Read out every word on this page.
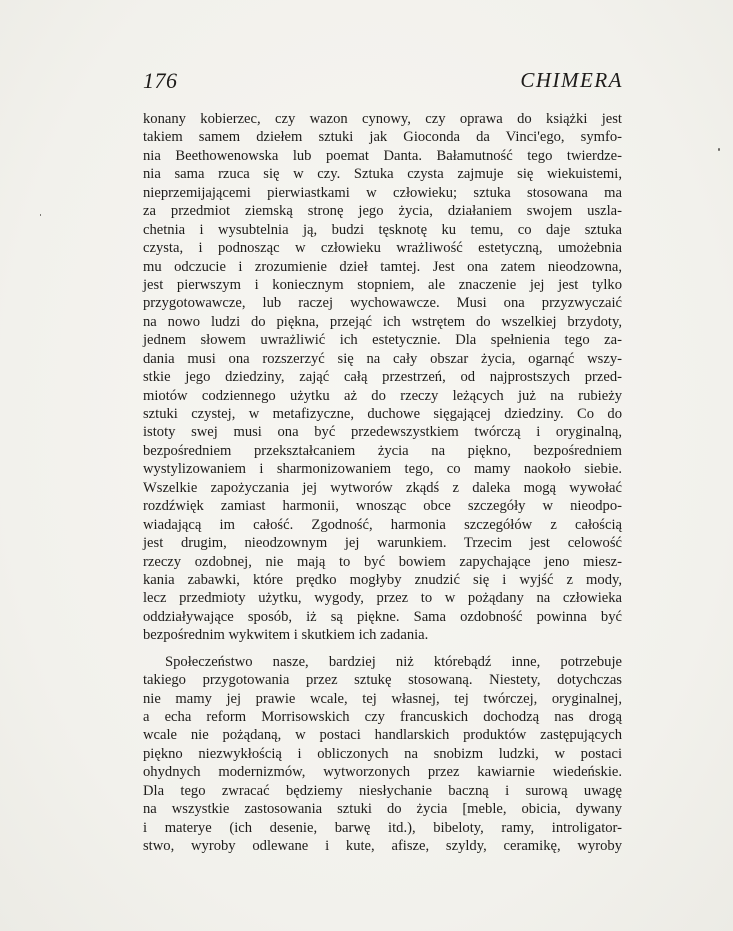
176	CHIMERA

konany kobierzec, czy wazon cynowy, czy oprawa do książki jest
takiem samem dziełem sztuki jak Gioconda da Vinci'ego, symfo-
nia Beethowenowska lub poemat Danta. Bałamutność tego twierdze-
nia sama rzuca się w czy. Sztuka czysta zajmuje się wiekuistemi,
nieprzemijającemi pierwiastkami w człowieku; sztuka stosowana ma
za przedmiot ziemską stronę jego życia, działaniem swojem uszla-
chetnia i wysubtelnia ją, budzi tęsknotę ku temu, co daje sztuka
czysta, i podnosząc w człowieku wrażliwość estetyczną, umożebnia
mu odczucie i zrozumienie dzieł tamtej. Jest ona zatem nieodzowna,
jest pierwszym i koniecznym stopniem, ale znaczenie jej jest tylko
przygotowawcze, lub raczej wychowawcze. Musi ona przyzwyczaić
na nowo ludzi do piękna, przejąć ich wstrętem do wszelkiej brzydoty,
jednem słowem uwrażliwić ich estetycznie. Dla spełnienia tego za-
dania musi ona rozszerzyć się na cały obszar życia, ogarnąć wszy-
stkie jego dziedziny, zająć całą przestrzeń, od najprostszych przed-
miotów codziennego użytku aż do rzeczy leżących już na rubieży
sztuki czystej, w metafizyczne, duchowe sięgającej dziedziny. Co do
istoty swej musi ona być przedewszystkiem twórczą i oryginalną,
bezpośredniem przekształcaniem życia na piękno, bezpośredniem
wystylizowaniem i sharmonizowaniem tego, co mamy naokoło siebie.
Wszelkie zapożyczania jej wytworów zkądś z daleka mogą wywołać
rozdźwięk zamiast harmonii, wnosząc obce szczegóły w nieodpo-
wiadającą im całość. Zgodność, harmonia szczegółów z całością
jest drugim, nieodzownym jej warunkiem. Trzecim jest celowość
rzeczy ozdobnej, nie mają to być bowiem zapychające jeno miesz-
kania zabawki, które prędko mogłyby znudzić się i wyjść z mody,
lecz przedmioty użytku, wygody, przez to w pożądany na człowieka
oddziaływające sposób, iż są piękne. Sama ozdobność powinna być
bezpośrednim wykwitem i skutkiem ich zadania.

Społeczeństwo nasze, bardziej niż którebądź inne, potrzebuje
takiego przygotowania przez sztukę stosowaną. Niestety, dotychczas
nie mamy jej prawie wcale, tej własnej, tej twórczej, oryginalnej,
a echa reform Morrisowskich czy francuskich dochodzą nas drogą
wcale nie pożądaną, w postaci handlarskich produktów zastępujących
piękno niezwykłością i obliczonych na snobizm ludzki, w postaci
ohydnych modernizmów, wytworzonych przez kawiarnie wiedeńskie.
Dla tego zwracać będziemy niesłychanie baczną i surową uwagę
na wszystkie zastosowania sztuki do życia [meble, obicia, dywany
i materye (ich desenie, barwę itd.), bibeloty, ramy, introligator-
stwo, wyroby odlewane i kute, afisze, szyldy, ceramikę, wyroby
